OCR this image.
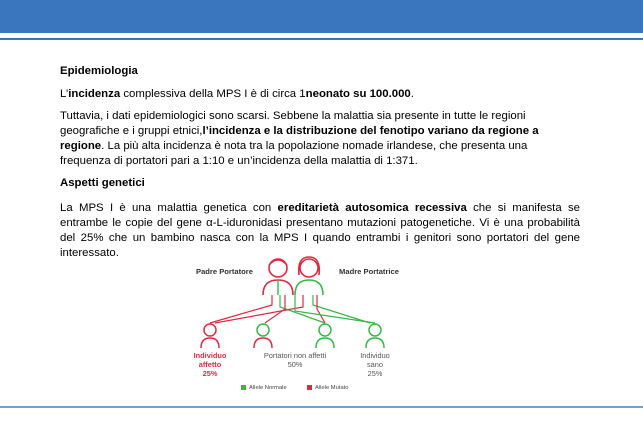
Epidemiologia

L’incidenza complessiva della MPS I è di circa 1neonato su 100.000.

Tuttavia, i dati epidemiologici sono scarsi. Sebbene la malattia sia presente in tutte le regioni geografiche e i gruppi etnici,l’incidenza e la distribuzione del fenotipo variano da regione a regione. La più alta incidenza è nota tra la popolazione nomade irlandese, che presenta una frequenza di portatori pari a 1:10 e un’incidenza della malattia di 1:371.

Aspetti genetici

La MPS I è una malattia genetica con ereditarietà autosomica recessiva che si manifesta se entrambe le copie del gene α-L-iduronidasi presentano mutazioni patogenetiche. Vi è una probabilità del 25% che un bambino nasca con la MPS I quando entrambi i genitori sono portatori del gene interessato.

Padre Portatore	Madre Portatrice
Individuo affetto
25%
Portatori non affetti
50%
Individuo sano
25%
Allele Normale	Allele Mutato
